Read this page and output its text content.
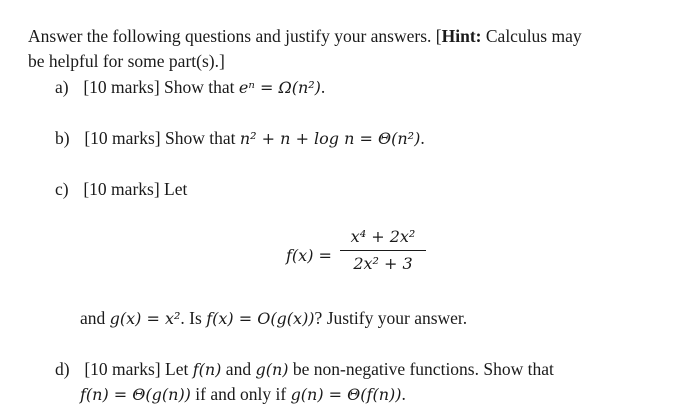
Answer the following questions and justify your answers. [Hint: Calculus may
be helpful for some part(s).]
a) [10 marks] Show that eⁿ = Ω(n²).
b) [10 marks] Show that n² + n + log n = Θ(n²).
c) [10 marks] Let
f(x) =
x⁴ + 2x²
2x² + 3
and g(x) = x². Is f(x) = O(g(x))? Justify your answer.
d) [10 marks] Let f(n) and g(n) be non-negative functions. Show that
f(n) = Θ(g(n)) if and only if g(n) = Θ(f(n)).
